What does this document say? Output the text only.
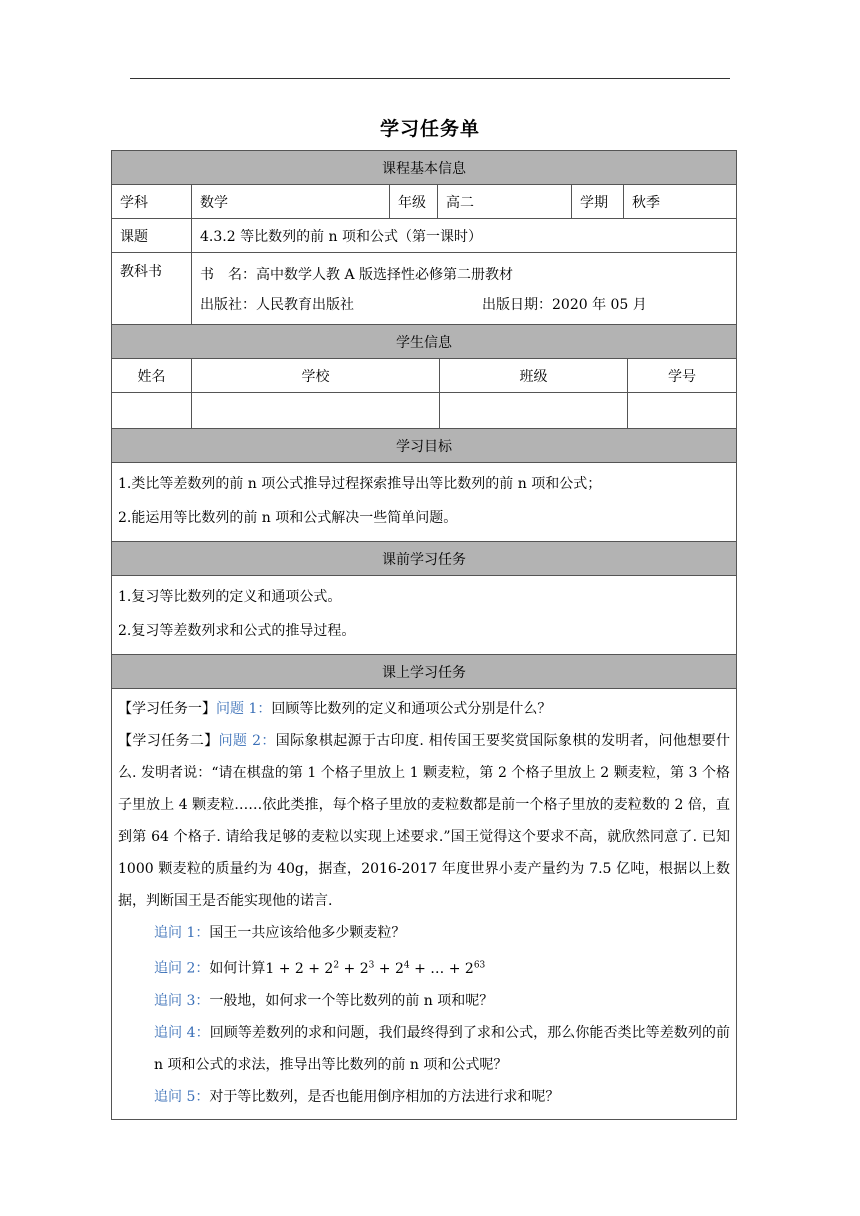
学习任务单
课程基本信息
学科	数学	年级	高二	学期	秋季
课题	4.3.2 等比数列的前 n 项和公式（第一课时）
教科书	书　名：高中数学人教 A 版选择性必修第二册教材
出版社：人民教育出版社	出版日期：2020 年 05 月
学生信息
姓名	学校	班级	学号
学习目标
1.类比等差数列的前 n 项公式推导过程探索推导出等比数列的前 n 项和公式；
2.能运用等比数列的前 n 项和公式解决一些简单问题。
课前学习任务
1.复习等比数列的定义和通项公式。
2.复习等差数列求和公式的推导过程。
课上学习任务

【学习任务一】问题 1：回顾等比数列的定义和通项公式分别是什么？

【学习任务二】问题 2：国际象棋起源于古印度. 相传国王要奖赏国际象棋的发明者，问他想要什么. 发明者说：“请在棋盘的第 1 个格子里放上 1 颗麦粒，第 2 个格子里放上 2 颗麦粒，第 3 个格子里放上 4 颗麦粒……依此类推，每个格子里放的麦粒数都是前一个格子里放的麦粒数的 2 倍，直到第 64 个格子. 请给我足够的麦粒以实现上述要求.”国王觉得这个要求不高，就欣然同意了. 已知 1000 颗麦粒的质量约为 40g，据查，2016-2017 年度世界小麦产量约为 7.5 亿吨，根据以上数据，判断国王是否能实现他的诺言.

追问 1：国王一共应该给他多少颗麦粒？

追问 2：如何计算$1 + 2 + 2^2 + 2^3 + 2^4$ + … + $2^{63}$

追问 3：一般地，如何求一个等比数列的前 n 项和呢？

追问 4：回顾等差数列的求和问题，我们最终得到了求和公式，那么你能否类比等差数列的前 n 项和公式的求法，推导出等比数列的前 n 项和公式呢？

追问 5：对于等比数列，是否也能用倒序相加的方法进行求和呢？
